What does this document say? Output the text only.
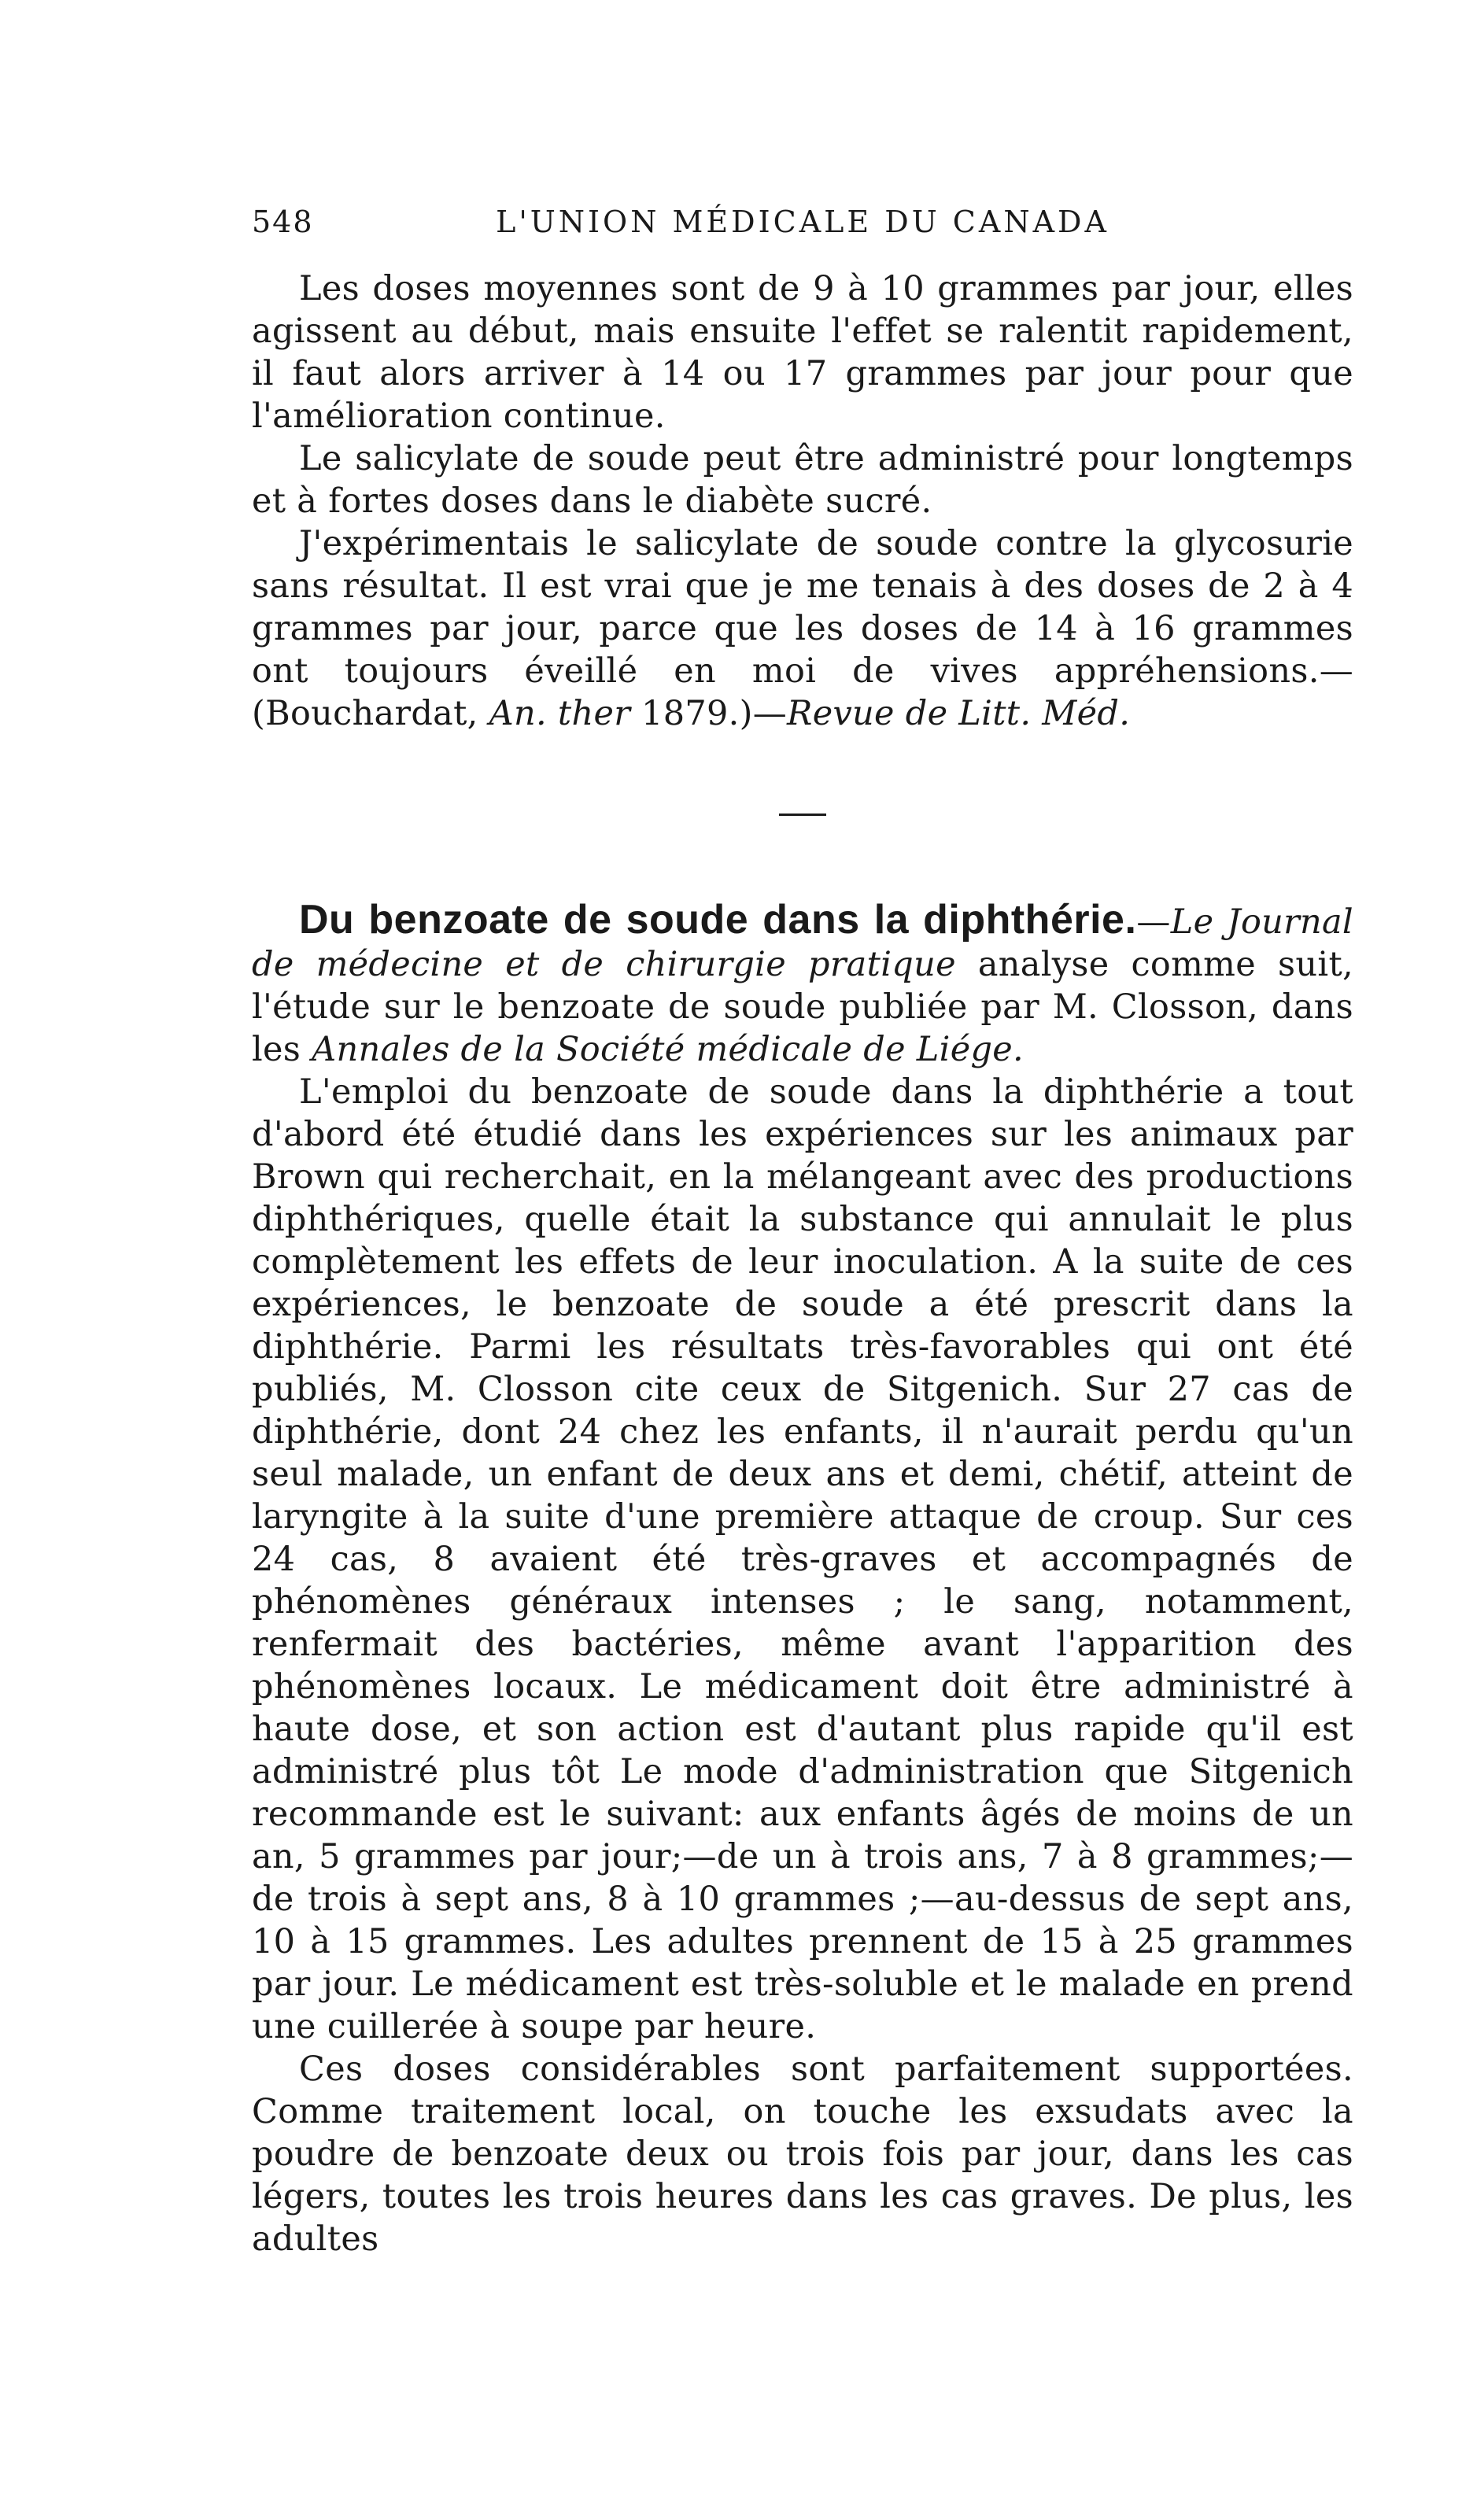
548	L'UNION MÉDICALE DU CANADA

Les doses moyennes sont de 9 à 10 grammes par jour, elles agissent au début, mais ensuite l'effet se ralentit rapidement, il faut alors arriver à 14 ou 17 grammes par jour pour que l'amélioration continue.

Le salicylate de soude peut être administré pour longtemps et à fortes doses dans le diabète sucré.

J'expérimentais le salicylate de soude contre la glycosurie sans résultat. Il est vrai que je me tenais à des doses de 2 à 4 grammes par jour, parce que les doses de 14 à 16 grammes ont toujours éveillé en moi de vives appréhensions.—(Bouchardat, An. ther 1879.)—Revue de Litt. Méd.

Du benzoate de soude dans la diphthérie.—Le Journal de médecine et de chirurgie pratique analyse comme suit, l'étude sur le benzoate de soude publiée par M. Closson, dans les Annales de la Société médicale de Liége.

L'emploi du benzoate de soude dans la diphthérie a tout d'abord été étudié dans les expériences sur les animaux par Brown qui recherchait, en la mélangeant avec des productions diphthériques, quelle était la substance qui annulait le plus complètement les effets de leur inoculation. A la suite de ces expériences, le benzoate de soude a été prescrit dans la diphthérie. Parmi les résultats très-favorables qui ont été publiés, M. Closson cite ceux de Sitgenich. Sur 27 cas de diphthérie, dont 24 chez les enfants, il n'aurait perdu qu'un seul malade, un enfant de deux ans et demi, chétif, atteint de laryngite à la suite d'une première attaque de croup. Sur ces 24 cas, 8 avaient été très-graves et accompagnés de phénomènes généraux intenses ; le sang, notamment, renfermait des bactéries, même avant l'apparition des phénomènes locaux. Le médicament doit être administré à haute dose, et son action est d'autant plus rapide qu'il est administré plus tôt Le mode d'administration que Sitgenich recommande est le suivant: aux enfants âgés de moins de un an, 5 grammes par jour;—de un à trois ans, 7 à 8 grammes;—de trois à sept ans, 8 à 10 grammes ;—au-dessus de sept ans, 10 à 15 grammes. Les adultes prennent de 15 à 25 grammes par jour. Le médicament est très-soluble et le malade en prend une cuillerée à soupe par heure.

Ces doses considérables sont parfaitement supportées. Comme traitement local, on touche les exsudats avec la poudre de benzoate deux ou trois fois par jour, dans les cas légers, toutes les trois heures dans les cas graves. De plus, les adultes
